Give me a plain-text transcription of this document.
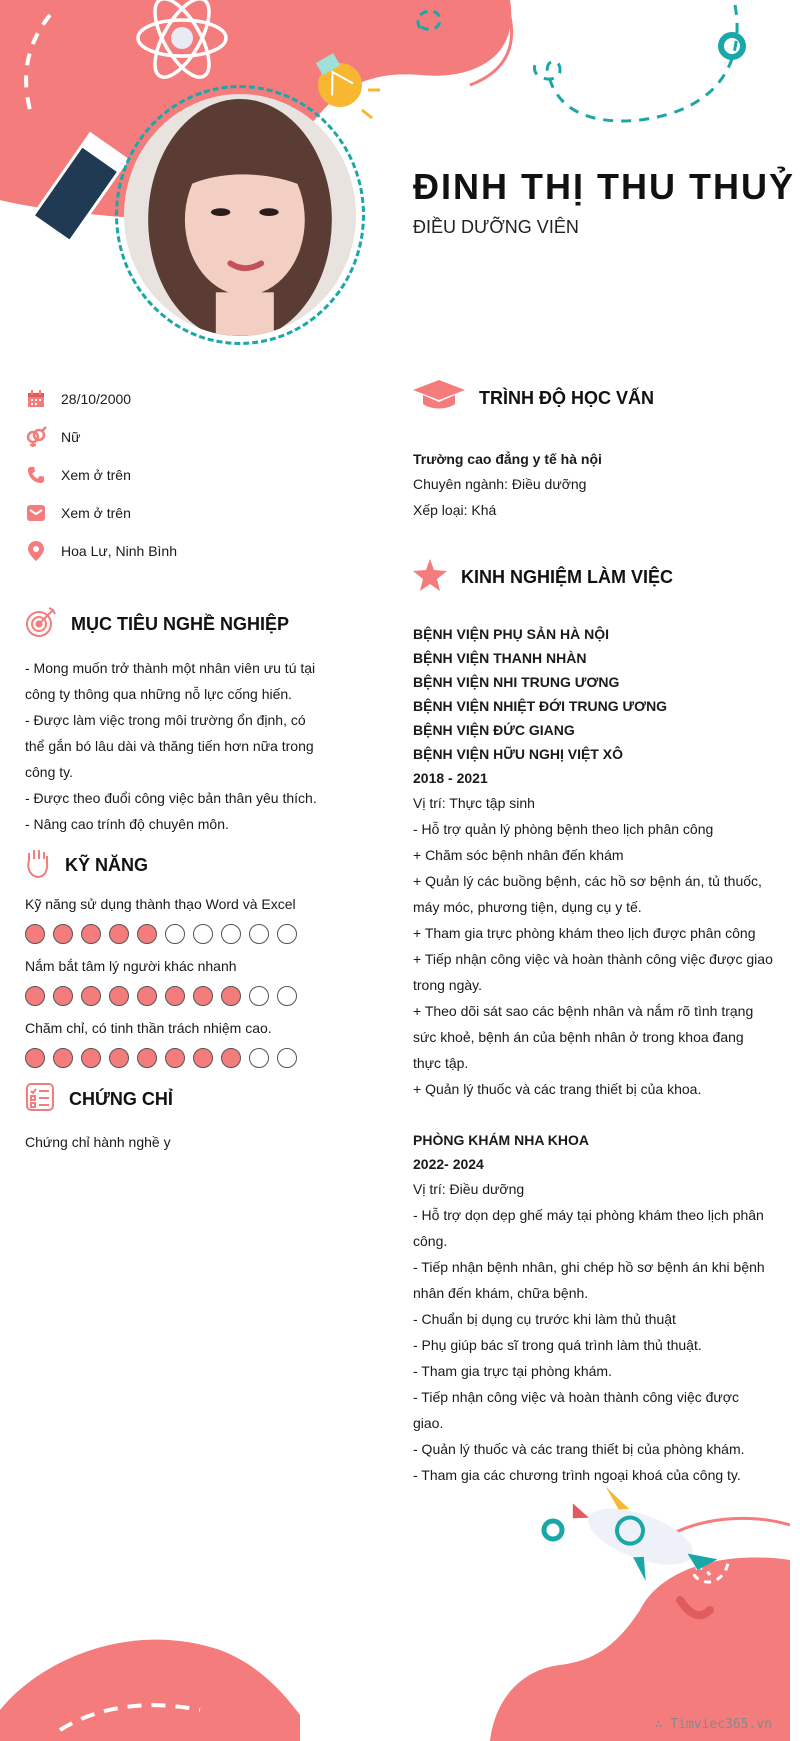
ĐINH THỊ THU THUỶ

ĐIỀU DƯỠNG VIÊN

28/10/2000
Nữ
Xem ở trên
Xem ở trên
Hoa Lư, Ninh Bình
MỤC TIÊU NGHỀ NGHIỆP

- Mong muốn trở thành một nhân viên ưu tú tại công ty thông qua những nỗ lực cống hiến.

- Được làm việc trong môi trường ổn định, có thể gắn bó lâu dài và thăng tiến hơn nữa trong công ty.

- Được theo đuổi công việc bản thân yêu thích.

- Nâng cao trính độ chuyên môn.

KỸ NĂNG

Kỹ năng sử dụng thành thạo Word và Excel

Nắm bắt tâm lý người khác nhanh

Chăm chỉ, có tinh thần trách nhiệm cao.

CHỨNG CHỈ

Chứng chỉ hành nghề y

TRÌNH ĐỘ HỌC VẤN

Trường cao đẳng y tế hà nội

Chuyên ngành: Điều dưỡng

Xếp loại: Khá

KINH NGHIỆM LÀM VIỆC

BỆNH VIỆN PHỤ SẢN HÀ NỘI

BỆNH VIỆN THANH NHÀN

BỆNH VIỆN NHI TRUNG ƯƠNG

BỆNH VIỆN NHIỆT ĐỚI TRUNG ƯƠNG

BỆNH VIỆN ĐỨC GIANG

BỆNH VIỆN HỮU NGHỊ VIỆT XÔ

2018 - 2021

Vị trí: Thực tập sinh

- Hỗ trợ quản lý phòng bệnh theo lịch phân công

+ Chăm sóc bệnh nhân đến khám

+ Quản lý các buồng bệnh, các hồ sơ bệnh án, tủ thuốc, máy móc, phương tiện, dụng cụ y tế.

+ Tham gia trực phòng khám theo lịch được phân công

+ Tiếp nhận công việc và hoàn thành công việc được giao trong ngày.

+ Theo dõi sát sao các bệnh nhân và nắm rõ tình trạng sức khoẻ, bệnh án của bệnh nhân ở trong khoa đang thực tập.

+ Quản lý thuốc và các trang thiết bị của khoa.

PHÒNG KHÁM NHA KHOA

2022- 2024

Vị trí: Điều dưỡng

- Hỗ trợ dọn dẹp ghế máy tại phòng khám theo lịch phân công.

- Tiếp nhận bệnh nhân, ghi chép hồ sơ bệnh án khi bệnh nhân đến khám, chữa bệnh.

- Chuẩn bị dụng cụ trước khi làm thủ thuật

- Phụ giúp bác sĩ trong quá trình làm thủ thuật.

- Tham gia trực tại phòng khám.

- Tiếp nhận công việc và hoàn thành công việc được giao.

- Quản lý thuốc và các trang thiết bị của phòng khám.

- Tham gia các chương trình ngoại khoá của công ty.

∴ Timviec365.vn
